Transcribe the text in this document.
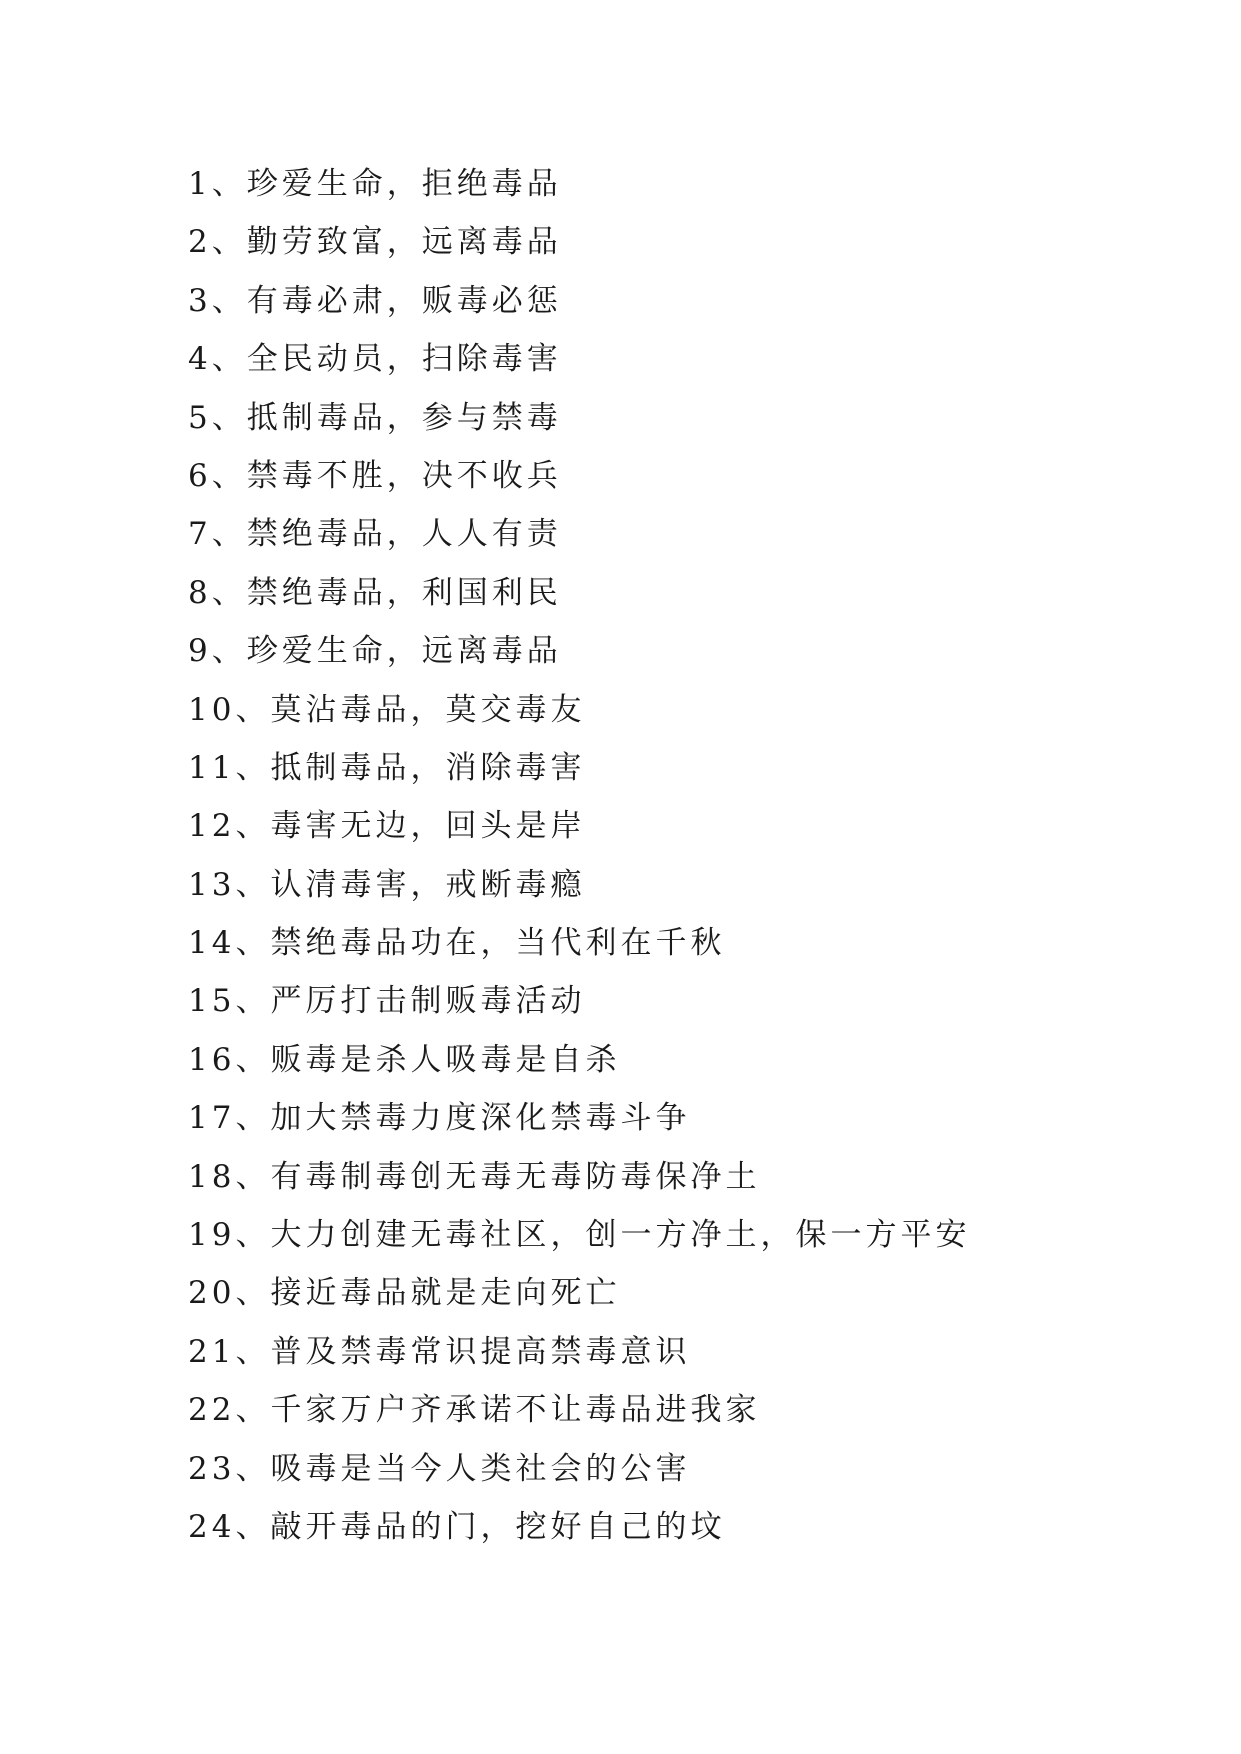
1、珍爱生命，拒绝毒品
2、勤劳致富，远离毒品
3、有毒必肃，贩毒必惩
4、全民动员，扫除毒害
5、抵制毒品，参与禁毒
6、禁毒不胜，决不收兵
7、禁绝毒品，人人有责
8、禁绝毒品，利国利民
9、珍爱生命，远离毒品
10、莫沾毒品，莫交毒友
11、抵制毒品，消除毒害
12、毒害无边，回头是岸
13、认清毒害，戒断毒瘾
14、禁绝毒品功在，当代利在千秋
15、严厉打击制贩毒活动
16、贩毒是杀人吸毒是自杀
17、加大禁毒力度深化禁毒斗争
18、有毒制毒创无毒无毒防毒保净土
19、大力创建无毒社区，创一方净土，保一方平安
20、接近毒品就是走向死亡
21、普及禁毒常识提高禁毒意识
22、千家万户齐承诺不让毒品进我家
23、吸毒是当今人类社会的公害
24、敲开毒品的门，挖好自己的坟
